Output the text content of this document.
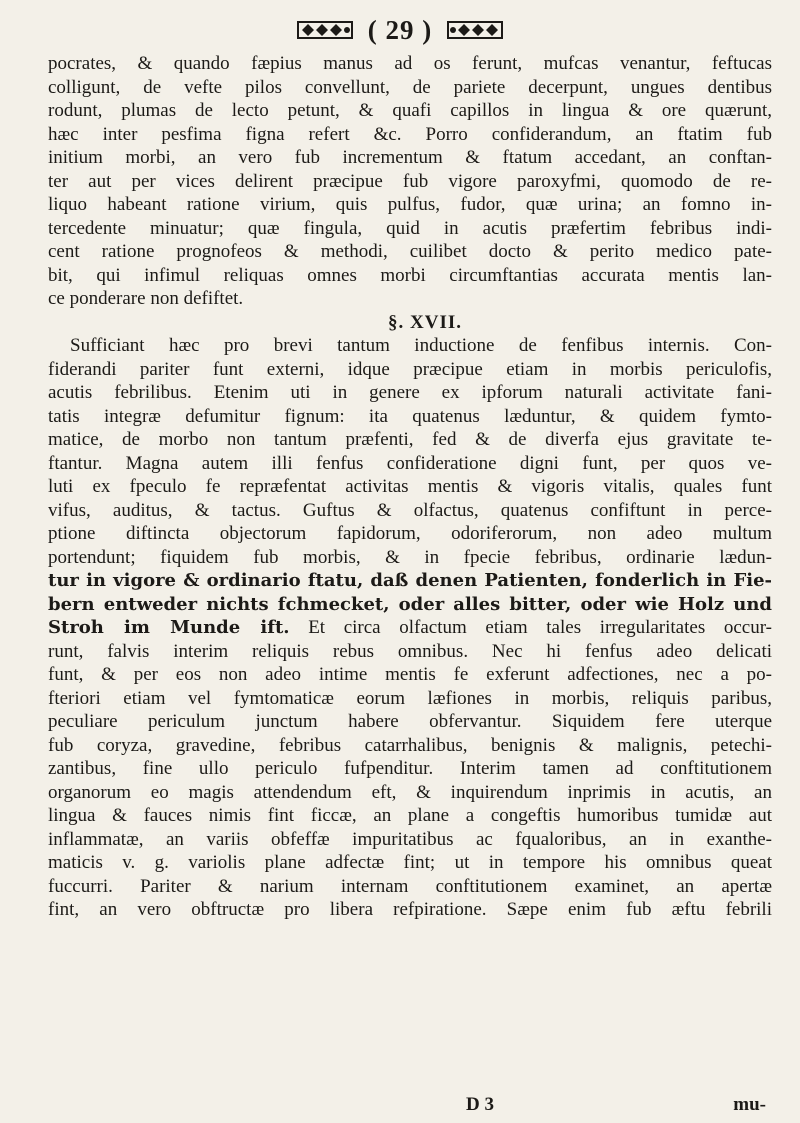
( 29 )
pocrates, & quando fæpius manus ad os ferunt, mufcas venantur, feftucas
colligunt, de vefte pilos convellunt, de pariete decerpunt, ungues dentibus
rodunt, plumas de lecto petunt, & quafi capillos in lingua & ore quærunt,
hæc inter pesfima figna refert &c. Porro confiderandum, an ftatim fub
initium morbi, an vero fub incrementum & ftatum accedant, an conftan-
ter aut per vices delirent præcipue fub vigore paroxyfmi, quomodo de re-
liquo habeant ratione virium, quis pulfus, fudor, quæ urina; an fomno in-
tercedente minuatur; quæ fingula, quid in acutis præfertim febribus indi-
cent ratione prognofeos & methodi, cuilibet docto & perito medico pate-
bit, qui infimul reliquas omnes morbi circumftantias accurata mentis lan-
ce ponderare non defiftet.
§. XVII.
Sufficiant hæc pro brevi tantum inductione de fenfibus internis. Con-
fiderandi pariter funt externi, idque præcipue etiam in morbis periculofis,
acutis febrilibus. Etenim uti in genere ex ipforum naturali activitate fani-
tatis integræ defumitur fignum: ita quatenus læduntur, & quidem fymto-
matice, de morbo non tantum præfenti, fed & de diverfa ejus gravitate te-
ftantur. Magna autem illi fenfus confideratione digni funt, per quos ve-
luti ex fpeculo fe repræfentat activitas mentis & vigoris vitalis, quales funt
vifus, auditus, & tactus. Guftus & olfactus, quatenus confiftunt in perce-
ptione diftincta objectorum fapidorum, odoriferorum, non adeo multum
portendunt; fiquidem fub morbis, & in fpecie febribus, ordinarie lædun-
tur in vigore & ordinario ftatu, daß denen Patienten, fonderlich in Fie-
bern entweder nichts fchmecket, oder alles bitter, oder wie Holz und
Stroh im Munde ift. Et circa olfactum etiam tales irregularitates occur-
runt, falvis interim reliquis rebus omnibus. Nec hi fenfus adeo delicati
funt, & per eos non adeo intime mentis fe exferunt adfectiones, nec a po-
fteriori etiam vel fymtomaticæ eorum læfiones in morbis, reliquis paribus,
peculiare periculum junctum habere obfervantur. Siquidem fere uterque
fub coryza, gravedine, febribus catarrhalibus, benignis & malignis, petechi-
zantibus, fine ullo periculo fufpenditur. Interim tamen ad conftitutionem
organorum eo magis attendendum eft, & inquirendum inprimis in acutis, an
lingua & fauces nimis fint ficcæ, an plane a congeftis humoribus tumidæ aut
inflammatæ, an variis obfeffæ impuritatibus ac fqualoribus, an in exanthe-
maticis v. g. variolis plane adfectæ fint; ut in tempore his omnibus queat
fuccurri. Pariter & narium internam conftitutionem examinet, an apertæ
fint, an vero obftructæ pro libera refpiratione. Sæpe enim fub æftu febrili
D 3	mu-
